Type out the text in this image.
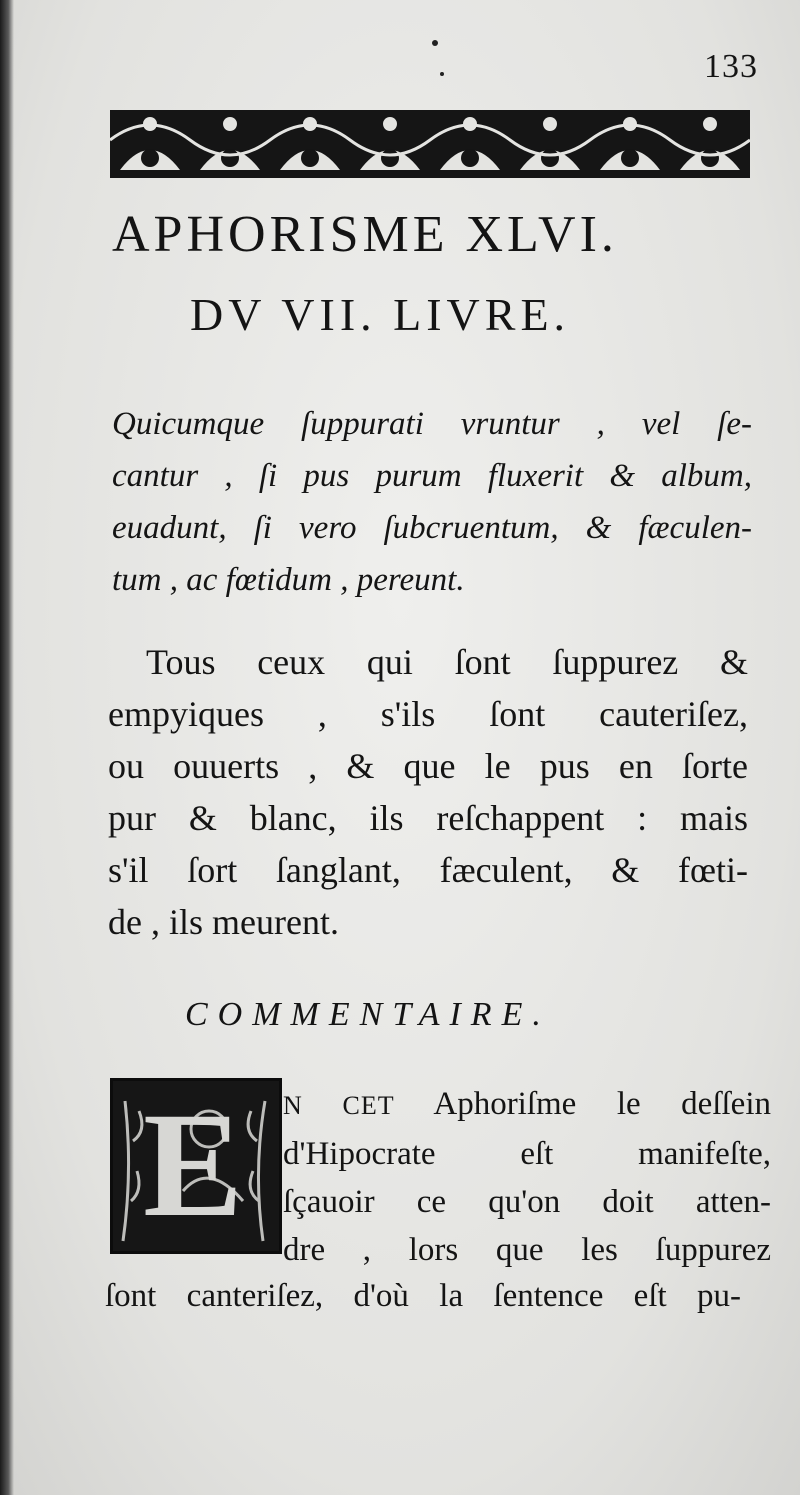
133
APHORISME XLVI.
DV VII. LIVRE.
Quicumque ſuppurati vruntur , vel ſe-
cantur , ſi pus purum fluxerit & album,
euadunt, ſi vero ſubcruentum, & fæculen-
tum , ac fœtidum , pereunt.
Tous ceux qui ſont ſuppurez &
empyiques , s'ils ſont cauteriſez,
ou ouuerts , & que le pus en ſorte
pur & blanc, ils reſchappent : mais
s'il ſort ſanglant, fæculent, & fœti-
de , ils meurent.
COMMENTAIRE.
E N CET Aphoriſme le deſſein
d'Hipocrate eſt manifeſte,
ſçauoir ce qu'on doit atten-
dre , lors que les ſuppurez
ſont canteriſez, d'où la ſentence eſt pu-
